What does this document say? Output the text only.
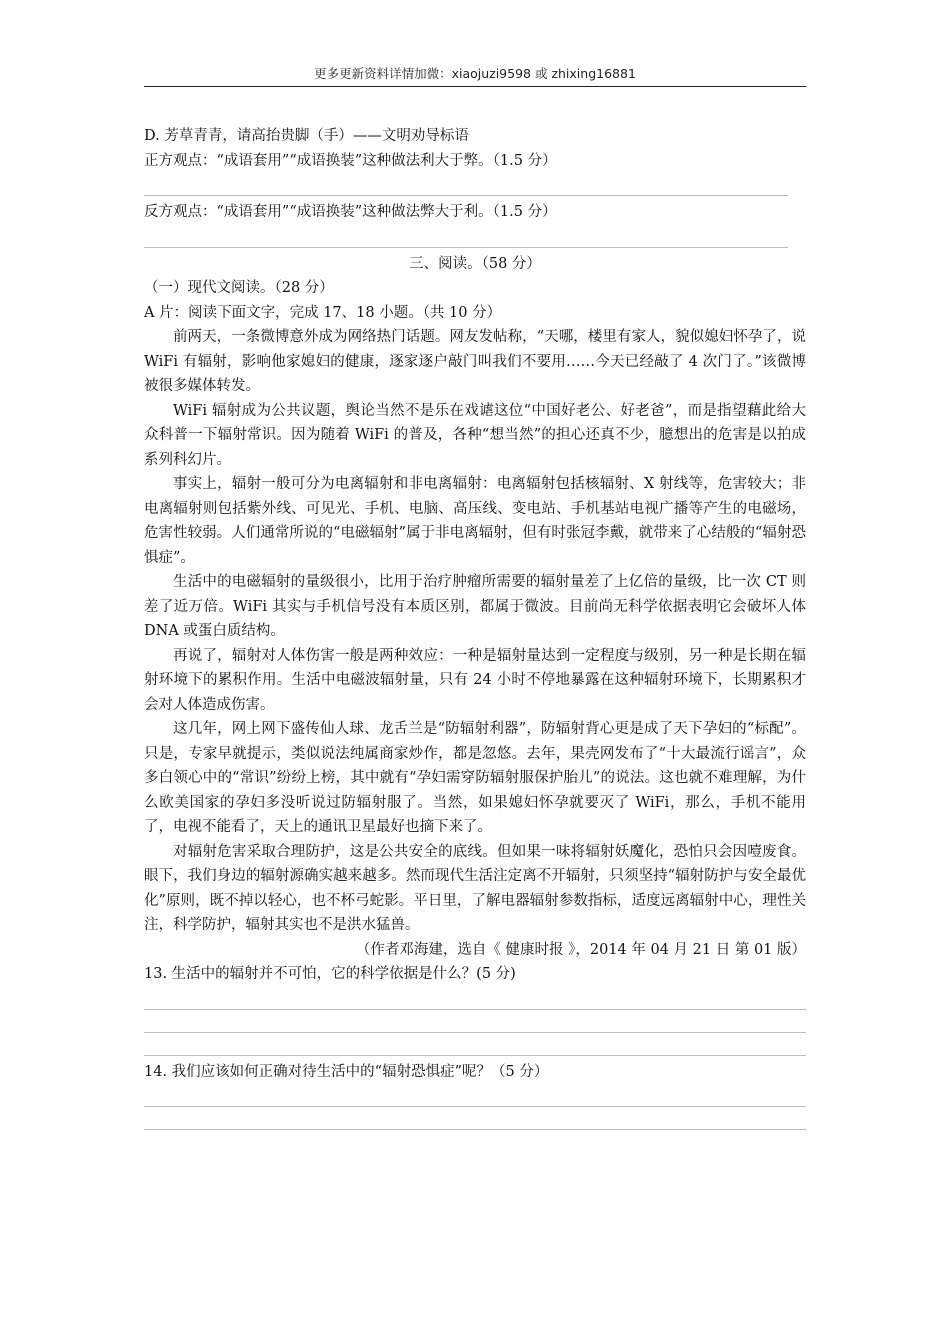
更多更新资料详情加微：xiaojuzi9598 或 zhixing16881
D. 芳草青青，请高抬贵脚（手）——文明劝导标语
正方观点：“成语套用”“成语换装”这种做法利大于弊。（1.5 分）
反方观点：“成语套用”“成语换装”这种做法弊大于利。（1.5 分）
三、阅读。（58 分）
（一）现代文阅读。（28 分）
A 片：阅读下面文字，完成 17、18 小题。（共 10 分）
前两天，一条微博意外成为网络热门话题。网友发帖称，“天哪，楼里有家人，貌似媳妇怀孕了，说 WiFi 有辐射，影响他家媳妇的健康，逐家逐户敲门叫我们不要用……今天已经敲了 4 次门了。”该微博被很多媒体转发。
WiFi 辐射成为公共议题，舆论当然不是乐在戏谑这位“中国好老公、好老爸”，而是指望藉此给大众科普一下辐射常识。因为随着 WiFi 的普及，各种“想当然”的担心还真不少，臆想出的危害是以拍成系列科幻片。
事实上，辐射一般可分为电离辐射和非电离辐射：电离辐射包括核辐射、X 射线等，危害较大；非电离辐射则包括紫外线、可见光、手机、电脑、高压线、变电站、手机基站电视广播等产生的电磁场，危害性较弱。人们通常所说的“电磁辐射”属于非电离辐射，但有时张冠李戴，就带来了心结般的“辐射恐惧症”。
生活中的电磁辐射的量级很小，比用于治疗肿瘤所需要的辐射量差了上亿倍的量级，比一次 CT 则差了近万倍。WiFi 其实与手机信号没有本质区别，都属于微波。目前尚无科学依据表明它会破坏人体 DNA 或蛋白质结构。
再说了，辐射对人体伤害一般是两种效应：一种是辐射量达到一定程度与级别，另一种是长期在辐射环境下的累积作用。生活中电磁波辐射量，只有 24 小时不停地暴露在这种辐射环境下，长期累积才会对人体造成伤害。
这几年，网上网下盛传仙人球、龙舌兰是“防辐射利器”，防辐射背心更是成了天下孕妇的“标配”。只是，专家早就提示，类似说法纯属商家炒作，都是忽悠。去年，果壳网发布了“十大最流行谣言”，众多白领心中的“常识”纷纷上榜，其中就有“孕妇需穿防辐射服保护胎儿”的说法。这也就不难理解，为什么欧美国家的孕妇多没听说过防辐射服了。当然，如果媳妇怀孕就要灭了 WiFi，那么，手机不能用了，电视不能看了，天上的通讯卫星最好也摘下来了。
对辐射危害采取合理防护，这是公共安全的底线。但如果一味将辐射妖魔化，恐怕只会因噎废食。眼下，我们身边的辐射源确实越来越多。然而现代生活注定离不开辐射，只须坚持“辐射防护与安全最优化”原则，既不掉以轻心，也不杯弓蛇影。平日里，了解电器辐射参数指标，适度远离辐射中心，理性关注，科学防护，辐射其实也不是洪水猛兽。
（作者邓海建，选自《 健康时报 》，2014 年 04 月 21 日 第 01 版）
13. 生活中的辐射并不可怕，它的科学依据是什么？(5 分)
14. 我们应该如何正确对待生活中的“辐射恐惧症”呢？（5 分）
